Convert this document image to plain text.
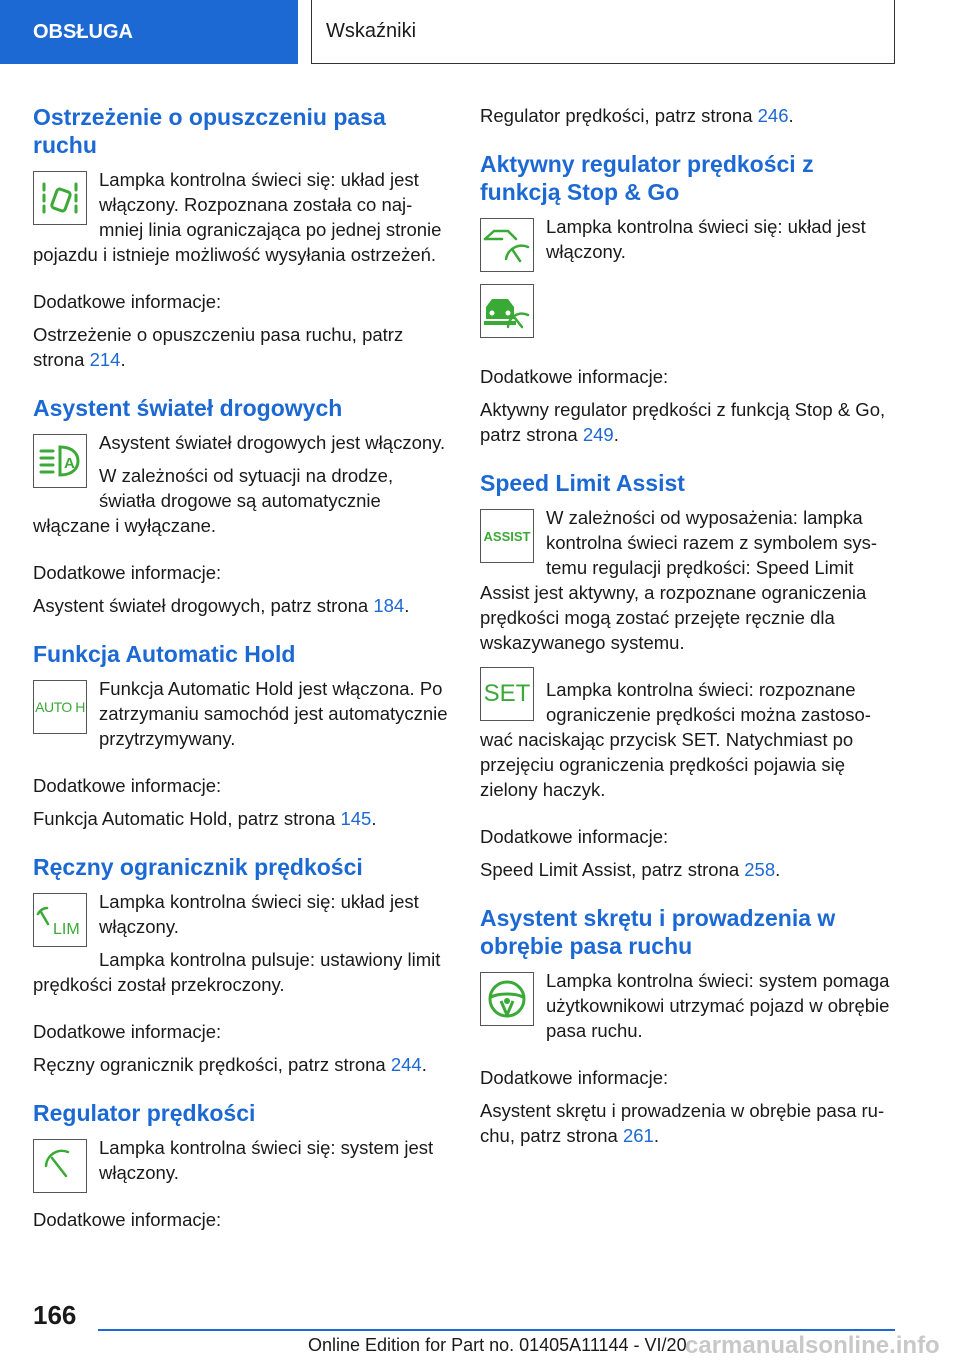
OBSŁUGA	Wskaźniki
Ostrzeżenie o opuszczeniu pasa ruchu

Lampka kontrolna świeci się: układ jest włączony. Rozpoznana została co najmniej linia ograniczająca po jednej stronie pojazdu i istnieje możliwość wysyłania ostrzeżeń.

Dodatkowe informacje:

Ostrzeżenie o opuszczeniu pasa ruchu, patrz strona 214.

Asystent świateł drogowych
A

Asystent świateł drogowych jest włączony.

W zależności od sytuacji na drodze, światła drogowe są automatycznie włączane i wyłączane.

Dodatkowe informacje:

Asystent świateł drogowych, patrz strona 184.

Funkcja Automatic Hold
AUTO H

Funkcja Automatic Hold jest włączona. Po zatrzymaniu samochód jest automatycznie przytrzymywany.

Dodatkowe informacje:

Funkcja Automatic Hold, patrz strona 145.

Ręczny ogranicznik prędkości
LIM

Lampka kontrolna świeci się: układ jest włączony.

Lampka kontrolna pulsuje: ustawiony limit prędkości został przekroczony.

Dodatkowe informacje:

Ręczny ogranicznik prędkości, patrz strona 244.

Regulator prędkości

Lampka kontrolna świeci się: system jest włączony.

Dodatkowe informacje:

Regulator prędkości, patrz strona 246.

Aktywny regulator prędkości z funkcją Stop & Go

Lampka kontrolna świeci się: układ jest włączony.

Dodatkowe informacje:

Aktywny regulator prędkości z funkcją Stop & Go, patrz strona 249.

Speed Limit Assist
ASSIST

W zależności od wyposażenia: lampka kontrolna świeci razem z symbolem systemu regulacji prędkości: Speed Limit Assist jest aktywny, a rozpoznane ograniczenia prędkości mogą zostać przejęte ręcznie dla wskazywanego systemu.

SET Lampka kontrolna świeci: rozpoznane ograniczenie prędkości można zastosować naciskając przycisk SET. Natychmiast po przejęciu ograniczenia prędkości pojawia się zielony haczyk.

Dodatkowe informacje:

Speed Limit Assist, patrz strona 258.

Asystent skrętu i prowadzenia w obrębie pasa ruchu

Lampka kontrolna świeci: system pomaga użytkownikowi utrzymać pojazd w obrębie pasa ruchu.

Dodatkowe informacje:

Asystent skrętu i prowadzenia w obrębie pasa ruchu, patrz strona 261.

166
Online Edition for Part no. 01405A11144 - VI/20
carmanualsonline.info
